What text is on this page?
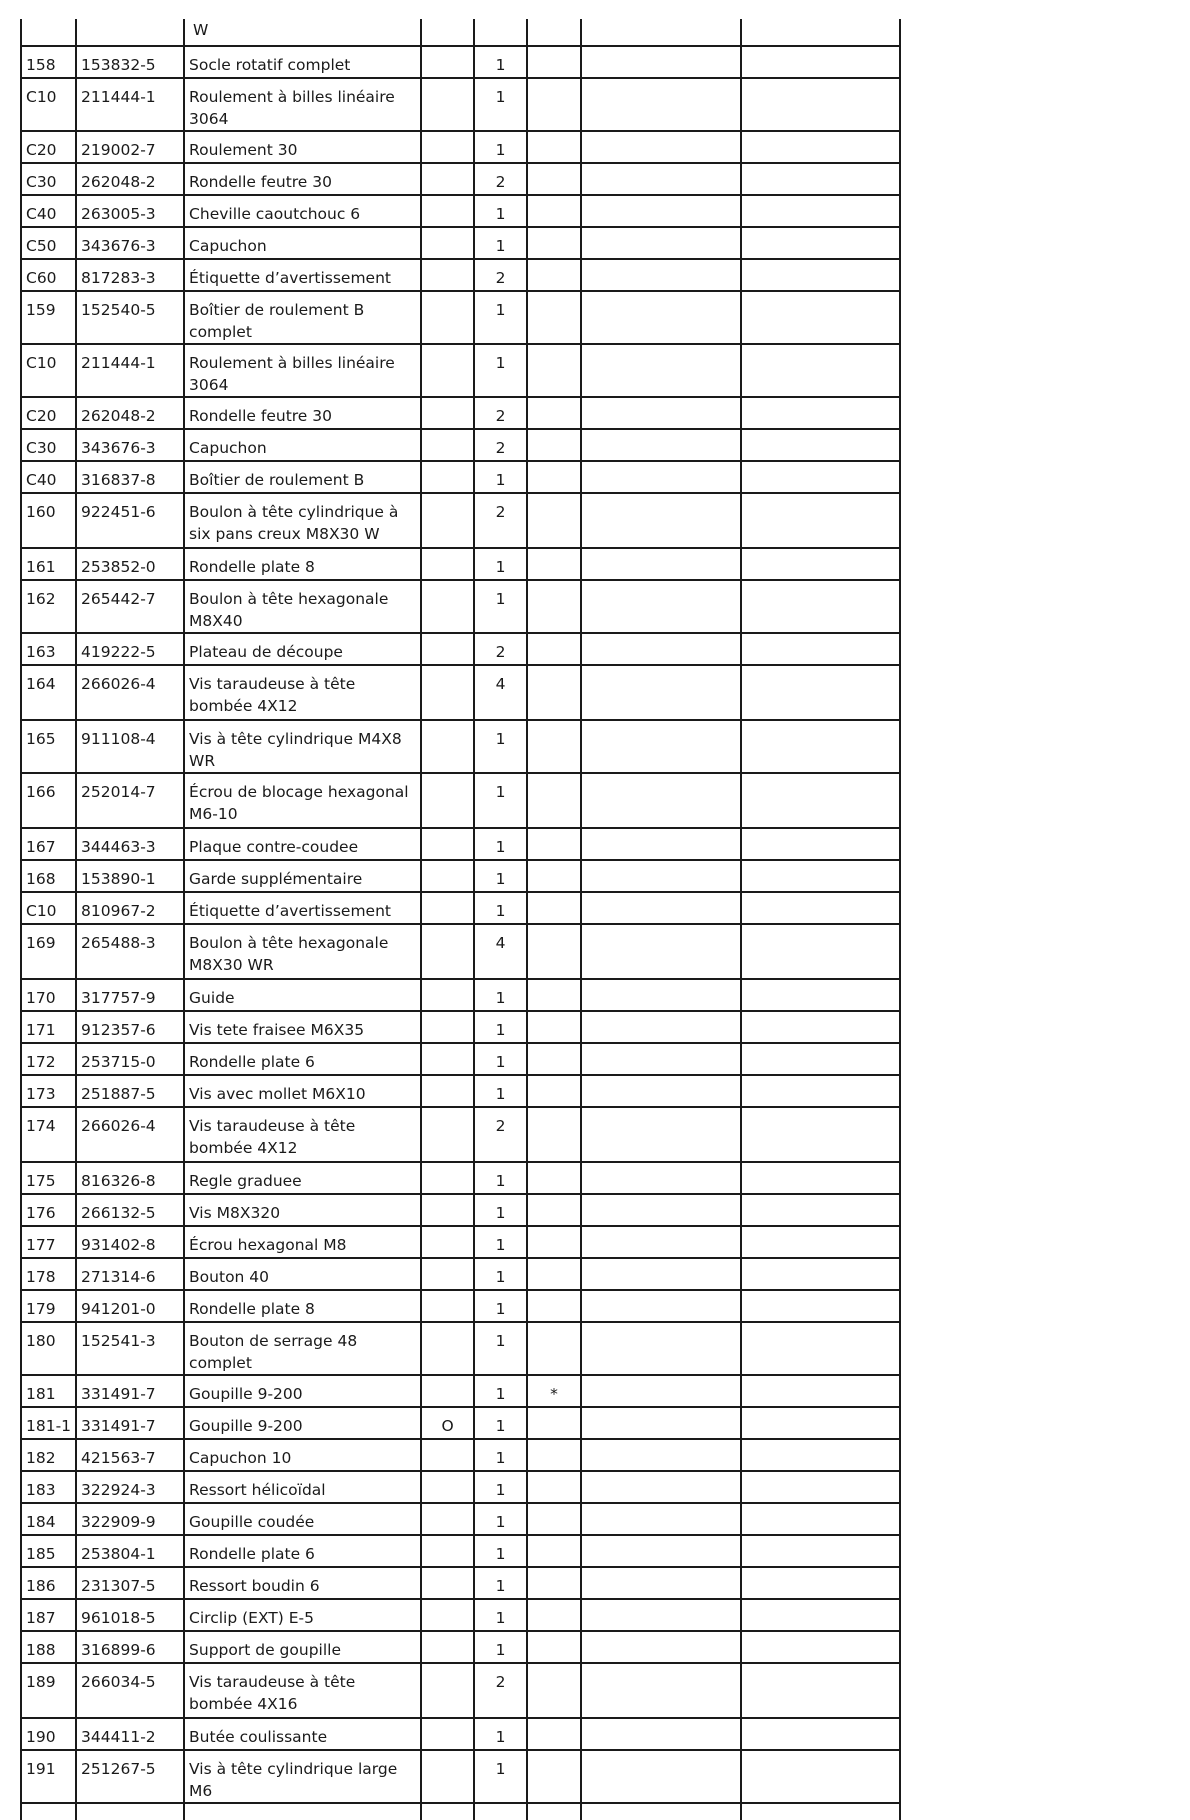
		W					
158	153832-5	Socle rotatif complet		1			
C10	211444-1	Roulement à billes linéaire 3064		1			
C20	219002-7	Roulement 30		1			
C30	262048-2	Rondelle feutre 30		2			
C40	263005-3	Cheville caoutchouc 6		1			
C50	343676-3	Capuchon		1			
C60	817283-3	Étiquette d’avertissement		2			
159	152540-5	Boîtier de roulement B complet		1			
C10	211444-1	Roulement à billes linéaire 3064		1			
C20	262048-2	Rondelle feutre 30		2			
C30	343676-3	Capuchon		2			
C40	316837-8	Boîtier de roulement B		1			
160	922451-6	Boulon à tête cylindrique à six pans creux M8X30 W		2			
161	253852-0	Rondelle plate 8		1			
162	265442-7	Boulon à tête hexagonale M8X40		1			
163	419222-5	Plateau de découpe		2			
164	266026-4	Vis taraudeuse à tête bombée 4X12		4			
165	911108-4	Vis à tête cylindrique M4X8 WR		1			
166	252014-7	Écrou de blocage hexagonal M6-10		1			
167	344463-3	Plaque contre-coudee		1			
168	153890-1	Garde supplémentaire		1			
C10	810967-2	Étiquette d’avertissement		1			
169	265488-3	Boulon à tête hexagonale M8X30 WR		4			
170	317757-9	Guide		1			
171	912357-6	Vis tete fraisee M6X35		1			
172	253715-0	Rondelle plate 6		1			
173	251887-5	Vis avec mollet M6X10		1			
174	266026-4	Vis taraudeuse à tête bombée 4X12		2			
175	816326-8	Regle graduee		1			
176	266132-5	Vis M8X320		1			
177	931402-8	Écrou hexagonal M8		1			
178	271314-6	Bouton 40		1			
179	941201-0	Rondelle plate 8		1			
180	152541-3	Bouton de serrage 48 complet		1			
181	331491-7	Goupille 9-200		1	*		
181-1	331491-7	Goupille 9-200	O	1			
182	421563-7	Capuchon 10		1			
183	322924-3	Ressort hélicoïdal		1			
184	322909-9	Goupille coudée		1			
185	253804-1	Rondelle plate 6		1			
186	231307-5	Ressort boudin 6		1			
187	961018-5	Circlip (EXT) E-5		1			
188	316899-6	Support de goupille		1			
189	266034-5	Vis taraudeuse à tête bombée 4X16		2			
190	344411-2	Butée coulissante		1			
191	251267-5	Vis à tête cylindrique large M6		1			
